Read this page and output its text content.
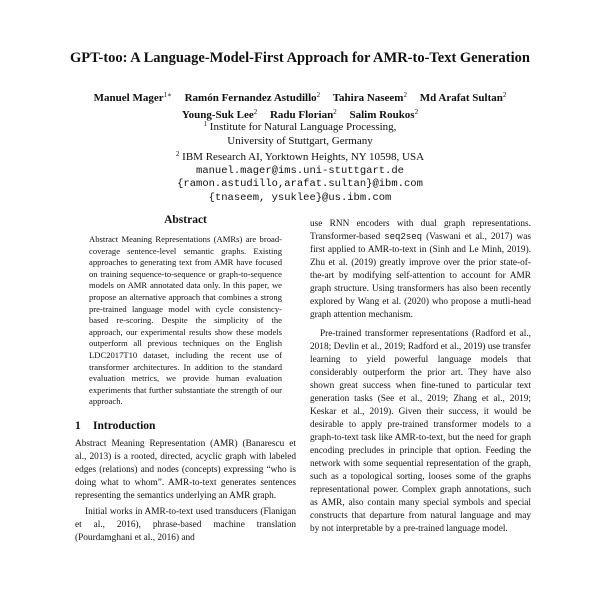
GPT-too: A Language-Model-First Approach for AMR-to-Text Generation
Manuel Mager$^{1∗}$ Ramón Fernandez Astudillo$^2$ Tahira Naseem$^2$ Md Arafat Sultan$^2$
Young-Suk Lee$^2$ Radu Florian$^2$ Salim Roukos$^2$
$^1$ Institute for Natural Language Processing,
University of Stuttgart, Germany
$^2$ IBM Research AI, Yorktown Heights, NY 10598, USA
manuel.mager@ims.uni-stuttgart.de
{ramon.astudillo,arafat.sultan}@ibm.com
{tnaseem, ysuklee}@us.ibm.com
Abstract
Abstract Meaning Representations (AMRs) are broad-coverage sentence-level semantic graphs. Existing approaches to generating text from AMR have focused on training sequence-to-sequence or graph-to-sequence models on AMR annotated data only. In this paper, we propose an alternative approach that combines a strong pre-trained language model with cycle consistency-based re-scoring. Despite the simplicity of the approach, our experimental results show these models outperform all previous techniques on the English LDC2017T10 dataset, including the recent use of transformer architectures. In addition to the standard evaluation metrics, we provide human evaluation experiments that further substantiate the strength of our approach.
1 Introduction
Abstract Meaning Representation (AMR) (Banarescu et al., 2013) is a rooted, directed, acyclic graph with labeled edges (relations) and nodes (concepts) expressing “who is doing what to whom”. AMR-to-text generates sentences representing the semantics underlying an AMR graph.
Initial works in AMR-to-text used transducers (Flanigan et al., 2016), phrase-based machine translation (Pourdamghani et al., 2016) and
use RNN encoders with dual graph representations. Transformer-based seq2seq (Vaswani et al., 2017) was first applied to AMR-to-text in (Sinh and Le Minh, 2019). Zhu et al. (2019) greatly improve over the prior state-of-the-art by modifying self-attention to account for AMR graph structure. Using transformers has also been recently explored by Wang et al. (2020) who propose a mutli-head graph attention mechanism.
Pre-trained transformer representations (Radford et al., 2018; Devlin et al., 2019; Radford et al., 2019) use transfer learning to yield powerful language models that considerably outperform the prior art. They have also shown great success when fine-tuned to particular text generation tasks (See et al., 2019; Zhang et al., 2019; Keskar et al., 2019). Given their success, it would be desirable to apply pre-trained transformer models to a graph-to-text task like AMR-to-text, but the need for graph encoding precludes in principle that option. Feeding the network with some sequential representation of the graph, such as a topological sorting, looses some of the graphs representational power. Complex graph annotations, such as AMR, also contain many special symbols and special constructs that departure from natural language and may by not interpretable by a pre-trained language model.
